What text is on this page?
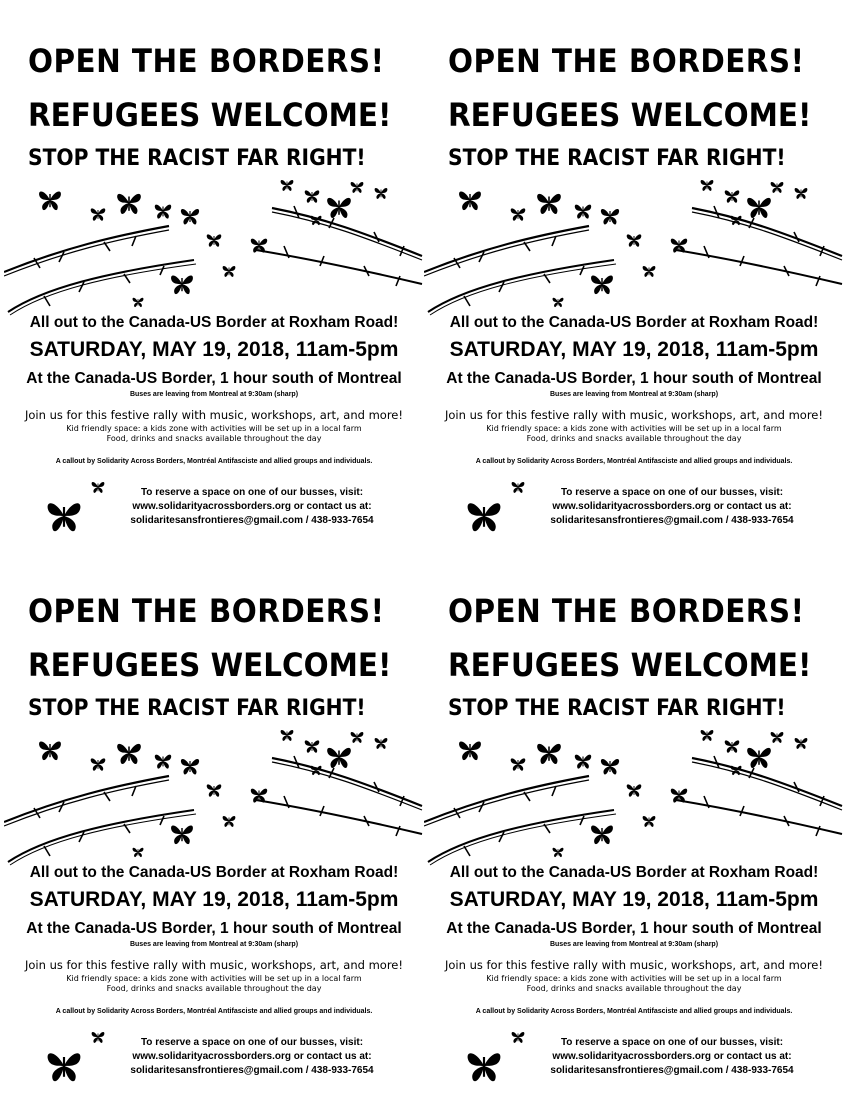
OPEN THE BORDERS!
REFUGEES WELCOME!
STOP THE RACIST FAR RIGHT!
All out to the Canada-US Border at Roxham Road!
SATURDAY, MAY 19, 2018, 11am-5pm
At the Canada-US Border, 1 hour south of Montreal
Buses are leaving from Montreal at 9:30am (sharp)
Join us for this festive rally with music, workshops, art, and more!
Kid friendly space: a kids zone with activities will be set up in a local farm
Food, drinks and snacks available throughout the day
A callout by Solidarity Across Borders, Montréal Antifasciste and allied groups and individuals.
To reserve a space on one of our busses, visit:
www.solidarityacrossborders.org or contact us at:
solidaritesansfrontieres@gmail.com / 438-933-7654
OPEN THE BORDERS!
REFUGEES WELCOME!
STOP THE RACIST FAR RIGHT!
All out to the Canada-US Border at Roxham Road!
SATURDAY, MAY 19, 2018, 11am-5pm
At the Canada-US Border, 1 hour south of Montreal
Buses are leaving from Montreal at 9:30am (sharp)
Join us for this festive rally with music, workshops, art, and more!
Kid friendly space: a kids zone with activities will be set up in a local farm
Food, drinks and snacks available throughout the day
A callout by Solidarity Across Borders, Montréal Antifasciste and allied groups and individuals.
To reserve a space on one of our busses, visit:
www.solidarityacrossborders.org or contact us at:
solidaritesansfrontieres@gmail.com / 438-933-7654
OPEN THE BORDERS!
REFUGEES WELCOME!
STOP THE RACIST FAR RIGHT!
All out to the Canada-US Border at Roxham Road!
SATURDAY, MAY 19, 2018, 11am-5pm
At the Canada-US Border, 1 hour south of Montreal
Buses are leaving from Montreal at 9:30am (sharp)
Join us for this festive rally with music, workshops, art, and more!
Kid friendly space: a kids zone with activities will be set up in a local farm
Food, drinks and snacks available throughout the day
A callout by Solidarity Across Borders, Montréal Antifasciste and allied groups and individuals.
To reserve a space on one of our busses, visit:
www.solidarityacrossborders.org or contact us at:
solidaritesansfrontieres@gmail.com / 438-933-7654
OPEN THE BORDERS!
REFUGEES WELCOME!
STOP THE RACIST FAR RIGHT!
All out to the Canada-US Border at Roxham Road!
SATURDAY, MAY 19, 2018, 11am-5pm
At the Canada-US Border, 1 hour south of Montreal
Buses are leaving from Montreal at 9:30am (sharp)
Join us for this festive rally with music, workshops, art, and more!
Kid friendly space: a kids zone with activities will be set up in a local farm
Food, drinks and snacks available throughout the day
A callout by Solidarity Across Borders, Montréal Antifasciste and allied groups and individuals.
To reserve a space on one of our busses, visit:
www.solidarityacrossborders.org or contact us at:
solidaritesansfrontieres@gmail.com / 438-933-7654
